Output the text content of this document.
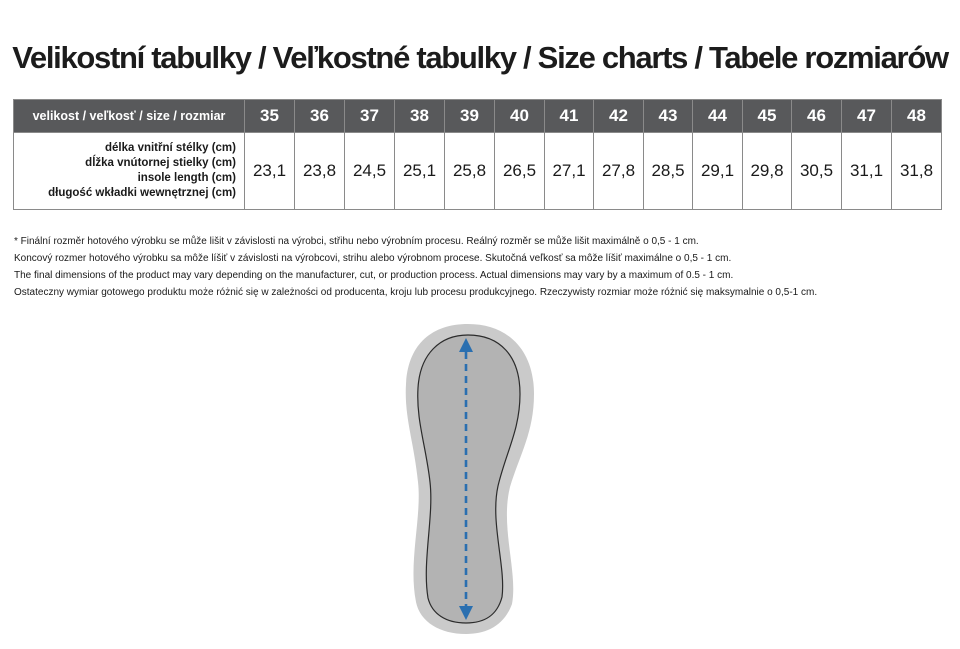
Velikostní tabulky / Veľkostné tabulky / Size charts / Tabele rozmiarów
velikost / veľkosť / size / rozmiar	35	36	37	38	39	40	41	42	43	44	45	46	47	48

délka vnitřní stélky (cm)
dĺžka vnútornej stielky (cm)
insole length (cm)
długość wkładki wewnętrznej (cm)	23,1	23,8	24,5	25,1	25,8	26,5	27,1	27,8	28,5	29,1	29,8	30,5	31,1	31,8
* Finální rozměr hotového výrobku se může lišit v závislosti na výrobci, střihu nebo výrobním procesu. Reálný rozměr se může lišit maximálně o 0,5 - 1 cm.
Koncový rozmer hotového výrobku sa môže líšiť v závislosti na výrobcovi, strihu alebo výrobnom procese. Skutočná veľkosť sa môže líšiť maximálne o 0,5 - 1 cm.
The final dimensions of the product may vary depending on the manufacturer, cut, or production process. Actual dimensions may vary by a maximum of 0.5 - 1 cm.
Ostateczny wymiar gotowego produktu może różnić się w zależności od producenta, kroju lub procesu produkcyjnego. Rzeczywisty rozmiar może różnić się maksymalnie o 0,5-1 cm.
